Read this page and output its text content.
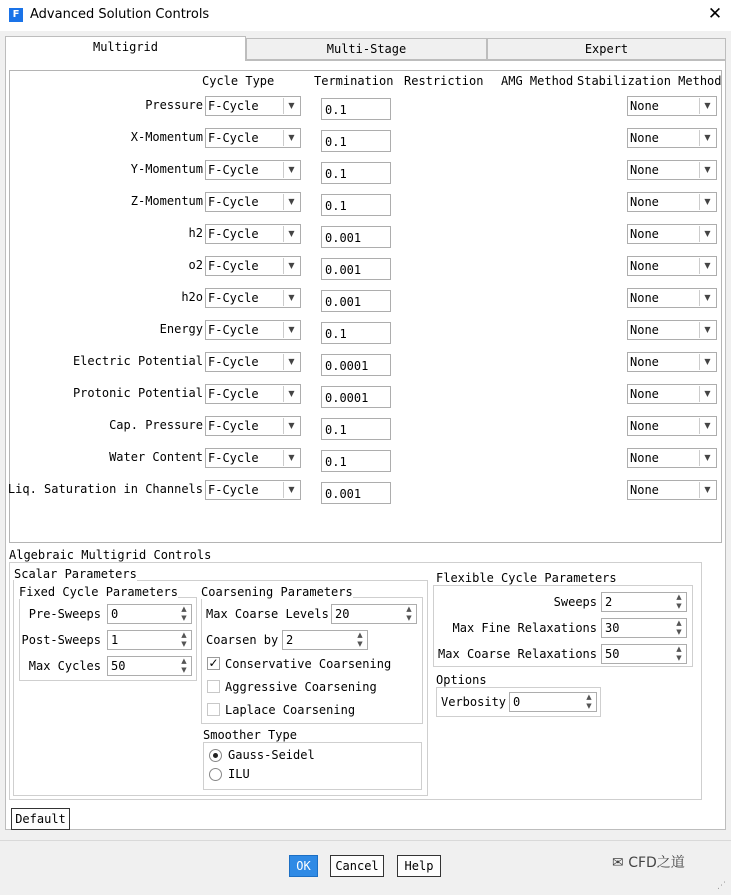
F Advanced Solution Controls	✕
Multigrid	Multi-Stage	Expert
Cycle Type	Termination Restriction AMG Method Stabilization Method
Pressure F-Cycle	▼	0.1	None	▼
X-Momentum F-Cycle	▼	0.1	None	▼
Y-Momentum F-Cycle	▼	0.1	None	▼
Z-Momentum F-Cycle	▼	0.1	None	▼
h2 F-Cycle	▼	0.001	None	▼
o2 F-Cycle	▼	0.001	None	▼
h2o F-Cycle	▼	0.001	None	▼
Energy F-Cycle	▼	0.1	None	▼
Electric Potential F-Cycle	▼	0.0001	None	▼
Protonic Potential F-Cycle	▼	0.0001	None	▼
Cap. Pressure F-Cycle	▼	0.1	None	▼
Water Content F-Cycle	▼	0.1	None	▼
Liq. Saturation in Channels F-Cycle	▼	0.001	None	▼
Algebraic Multigrid Controls
Scalar Parameters
Fixed Cycle Parameters
Pre-Sweeps 0	▲
▼
Post-Sweeps 1	▲
▼
Max Cycles 50	▲
▼
Coarsening Parameters
Max Coarse Levels 20	▲
▼
Coarsen by 2	▲
▼
✓ Conservative Coarsening
Aggressive Coarsening
Laplace Coarsening
Smoother Type
Gauss-Seidel
ILU
Flexible Cycle Parameters
Sweeps 2	▲
▼
Max Fine Relaxations 30	▲
▼
Max Coarse Relaxations 50	▲
▼
Options
Verbosity 0	▲
▼
Default
OK	Cancel	Help	✉ CFD之道
⋰
